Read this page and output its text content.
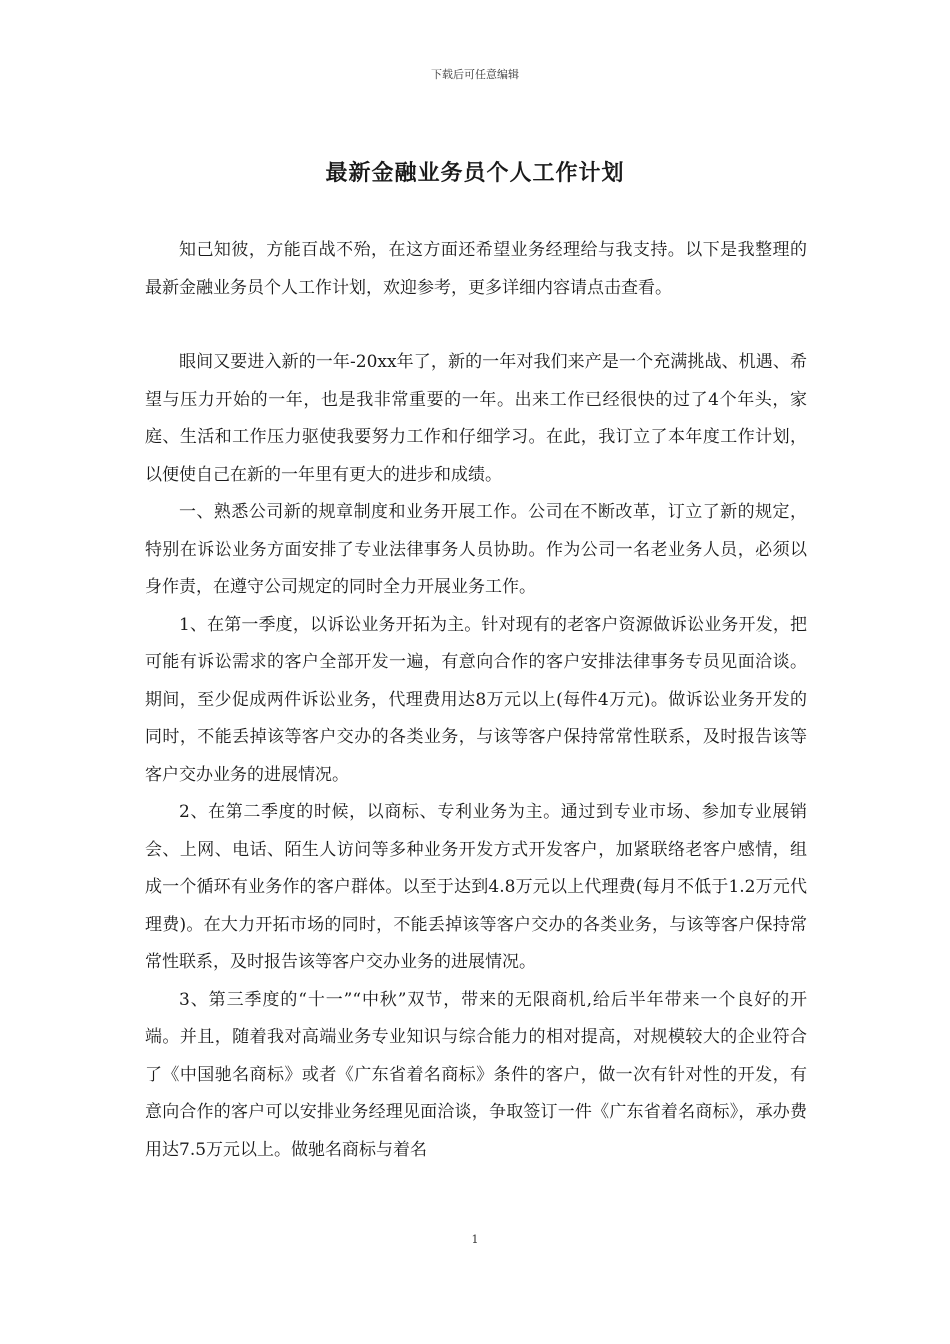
下载后可任意编辑
最新金融业务员个人工作计划

知己知彼，方能百战不殆，在这方面还希望业务经理给与我支持。以下是我整理的最新金融业务员个人工作计划，欢迎参考，更多详细内容请点击查看。

眼间又要进入新的一年-20xx年了，新的一年对我们来产是一个充满挑战、机遇、希望与压力开始的一年，也是我非常重要的一年。出来工作已经很快的过了4个年头，家庭、生活和工作压力驱使我要努力工作和仔细学习。在此，我订立了本年度工作计划，以便使自己在新的一年里有更大的进步和成绩。

一、熟悉公司新的规章制度和业务开展工作。公司在不断改革，订立了新的规定，特别在诉讼业务方面安排了专业法律事务人员协助。作为公司一名老业务人员，必须以身作责，在遵守公司规定的同时全力开展业务工作。

1、在第一季度，以诉讼业务开拓为主。针对现有的老客户资源做诉讼业务开发，把可能有诉讼需求的客户全部开发一遍，有意向合作的客户安排法律事务专员见面洽谈。期间，至少促成两件诉讼业务，代理费用达8万元以上(每件4万元)。做诉讼业务开发的同时，不能丢掉该等客户交办的各类业务，与该等客户保持常常性联系，及时报告该等客户交办业务的进展情况。

2、在第二季度的时候，以商标、专利业务为主。通过到专业市场、参加专业展销会、上网、电话、陌生人访问等多种业务开发方式开发客户，加紧联络老客户感情，组成一个循环有业务作的客户群体。以至于达到4.8万元以上代理费(每月不低于1.2万元代理费)。在大力开拓市场的同时，不能丢掉该等客户交办的各类业务，与该等客户保持常常性联系，及时报告该等客户交办业务的进展情况。

3、第三季度的“十一”“中秋”双节，带来的无限商机,给后半年带来一个良好的开端。并且，随着我对高端业务专业知识与综合能力的相对提高，对规模较大的企业符合了《中国驰名商标》或者《广东省着名商标》条件的客户，做一次有针对性的开发，有意向合作的客户可以安排业务经理见面洽谈，争取签订一件《广东省着名商标》，承办费用达7.5万元以上。做驰名商标与着名

1
